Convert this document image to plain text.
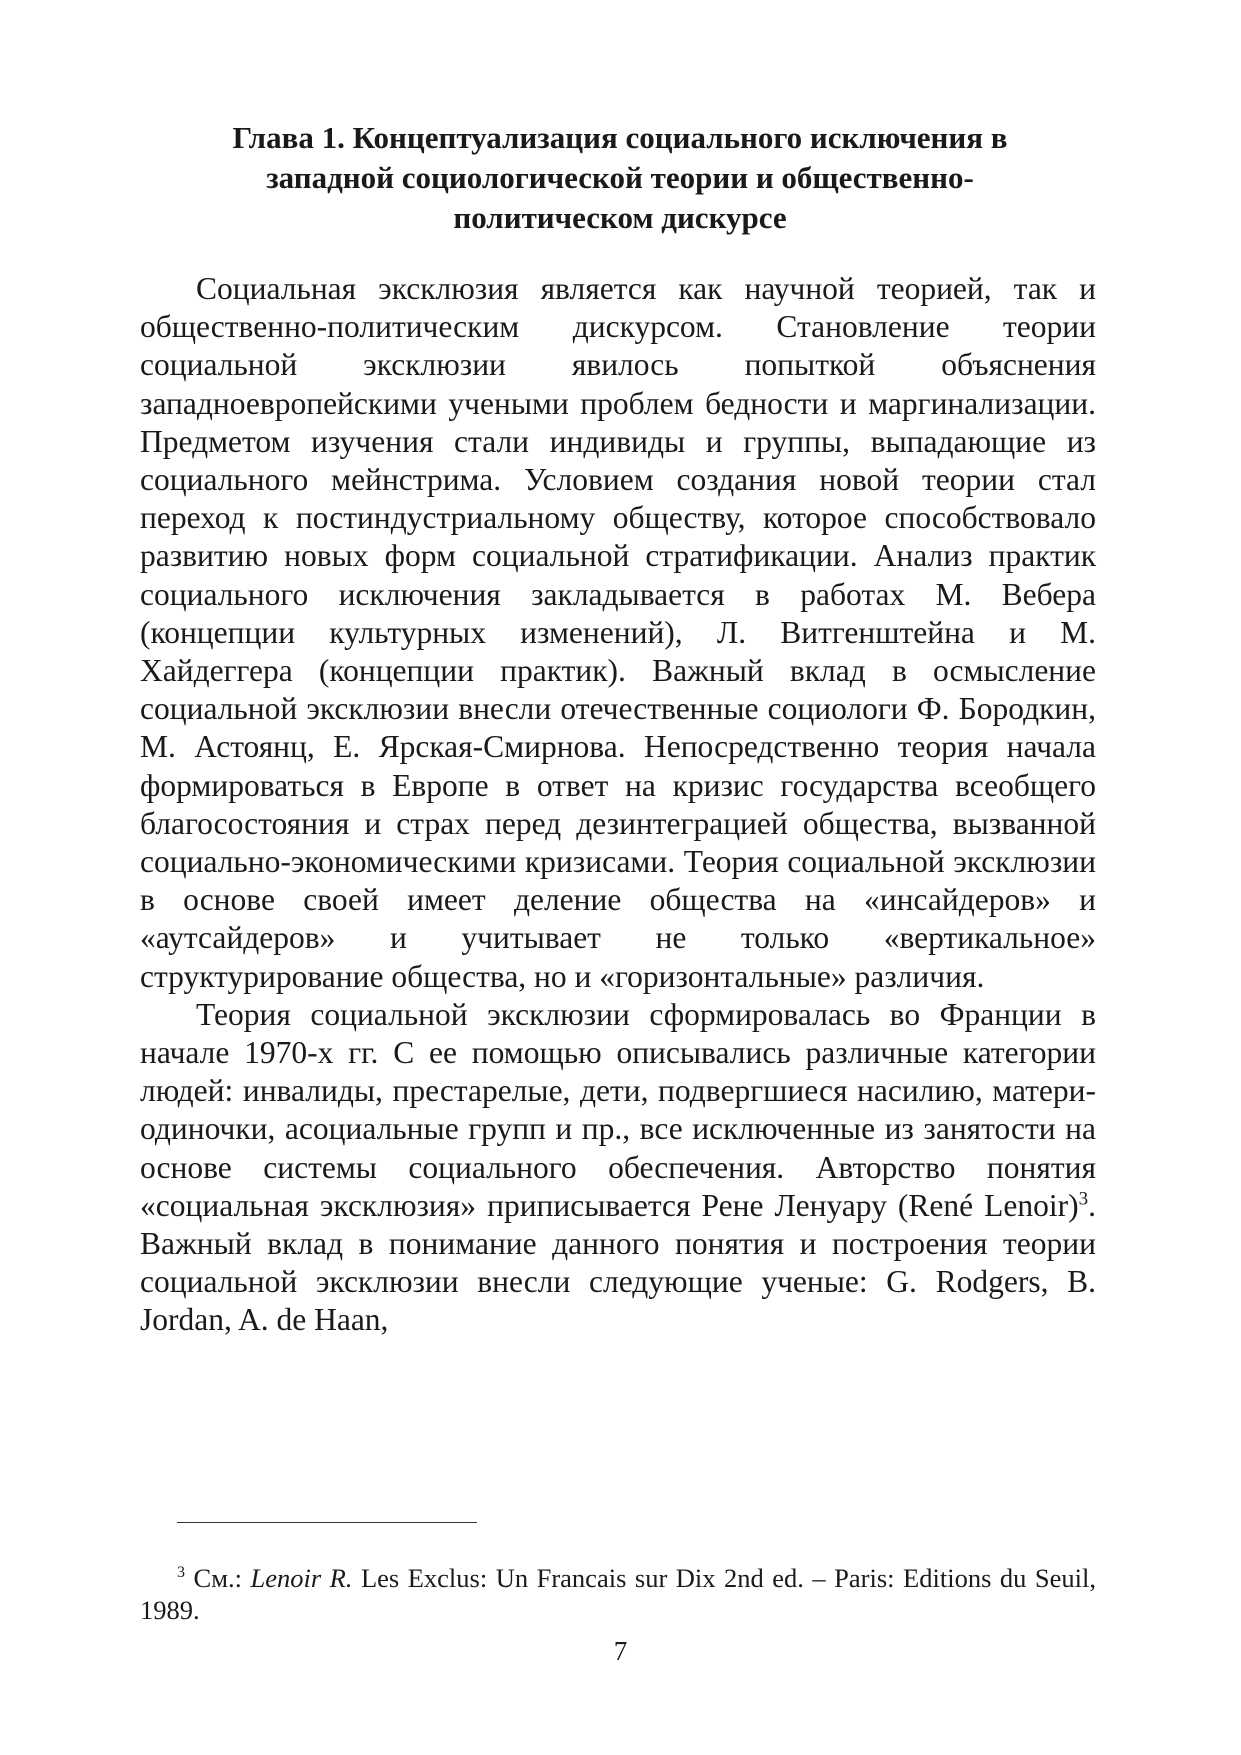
Глава 1. Концептуализация социального исключения в
западной социологической теории и общественно-
политическом дискурсе

Социальная эксклюзия является как научной теорией, так и общественно-политическим дискурсом. Становление теории социальной эксклюзии явилось попыткой объяснения западноевропейскими учеными проблем бедности и маргинализации. Предметом изучения стали индивиды и группы, выпадающие из социального мейнстрима. Условием создания новой теории стал переход к постиндустриальному обществу, которое способствовало развитию новых форм социальной стратификации. Анализ практик социального исключения закладывается в работах М. Вебера (концепции культурных изменений), Л. Витгенштейна и М. Хайдеггера (концепции практик). Важный вклад в осмысление социальной эксклюзии внесли отечественные социологи Ф. Бородкин, М. Астоянц, Е. Ярская-Смирнова. Непосредственно теория начала формироваться в Европе в ответ на кризис государства всеобщего благосостояния и страх перед дезинтеграцией общества, вызванной социально-экономическими кризисами. Теория социальной эксклюзии в основе своей имеет деление общества на «инсайдеров» и «аутсайдеров» и учитывает не только «вертикальное» структурирование общества, но и «горизонтальные» различия.

Теория социальной эксклюзии сформировалась во Франции в начале 1970-х гг. С ее помощью описывались различные категории людей: инвалиды, престарелые, дети, подвергшиеся насилию, матери-одиночки, асоциальные групп и пр., все исключенные из занятости на основе системы социального обеспечения. Авторство понятия «социальная эксклюзия» приписывается Рене Ленуару (René Lenoir)$^3$. Важный вклад в понимание данного понятия и построения теории социальной эксклюзии внесли следующие ученые: G. Rodgers, B. Jordan, A. de Haan,

$^3$ См.: Lenoir R. Les Exclus: Un Francais sur Dix 2nd ed. – Paris: Editions du Seuil, 1989.

7
